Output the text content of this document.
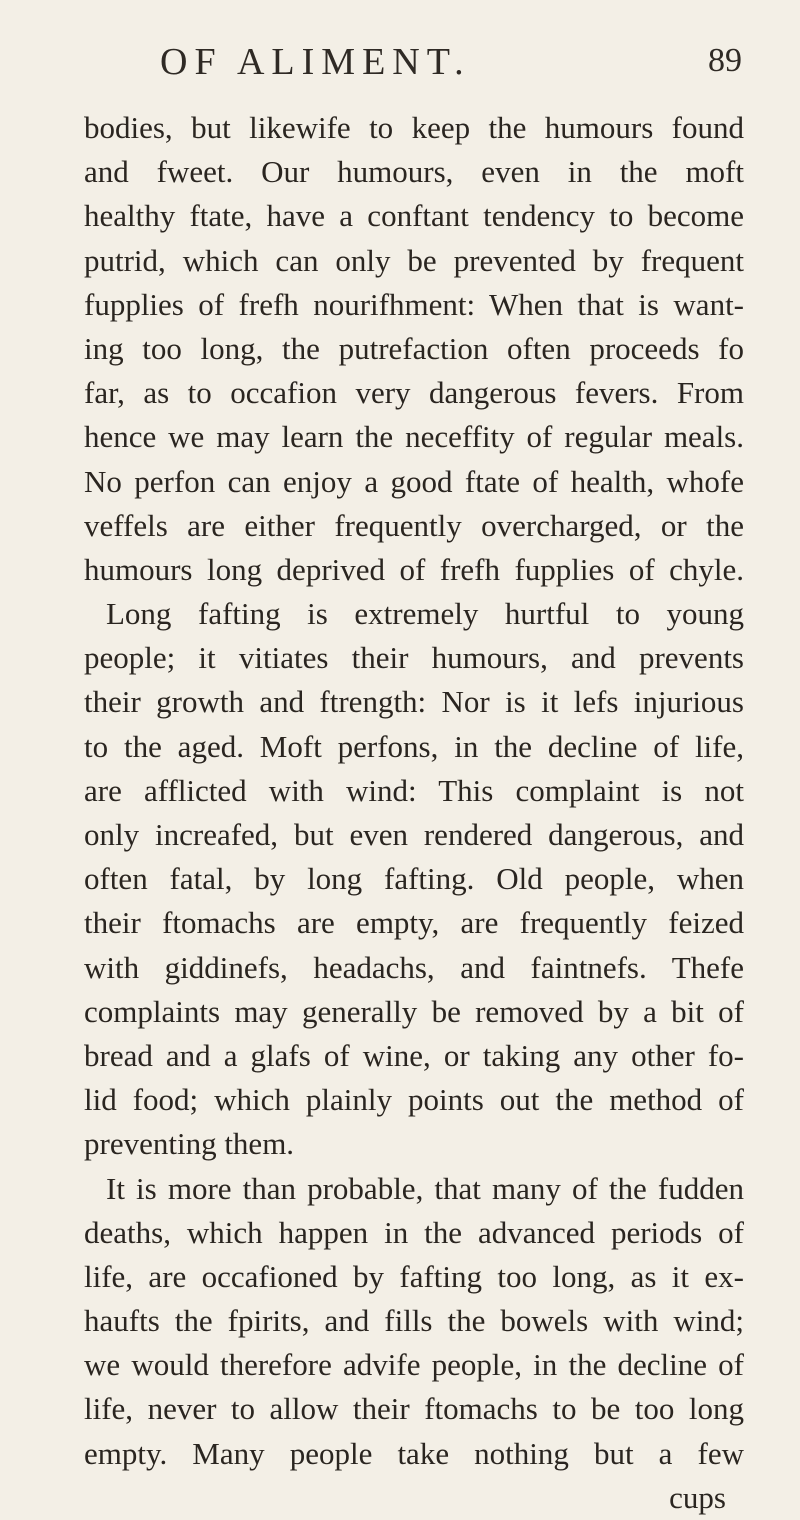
OF ALIMENT.	89
bodies, but likewife to keep the humours found
and fweet. Our humours, even in the moft
healthy ftate, have a conftant tendency to become
putrid, which can only be prevented by frequent
fupplies of frefh nourifhment: When that is want-
ing too long, the putrefaction often proceeds fo
far, as to occafion very dangerous fevers. From
hence we may learn the neceffity of regular meals.
No perfon can enjoy a good ftate of health, whofe
veffels are either frequently overcharged, or the
humours long deprived of frefh fupplies of chyle.
Long fafting is extremely hurtful to young
people; it vitiates their humours, and prevents
their growth and ftrength: Nor is it lefs injurious
to the aged. Moft perfons, in the decline of life,
are afflicted with wind: This complaint is not
only increafed, but even rendered dangerous, and
often fatal, by long fafting. Old people, when
their ftomachs are empty, are frequently feized
with giddinefs, headachs, and faintnefs. Thefe
complaints may generally be removed by a bit of
bread and a glafs of wine, or taking any other fo-
lid food; which plainly points out the method of
preventing them.
It is more than probable, that many of the fudden
deaths, which happen in the advanced periods of
life, are occafioned by fafting too long, as it ex-
haufts the fpirits, and fills the bowels with wind;
we would therefore advife people, in the decline of
life, never to allow their ftomachs to be too long
empty. Many people take nothing but a few
cups
